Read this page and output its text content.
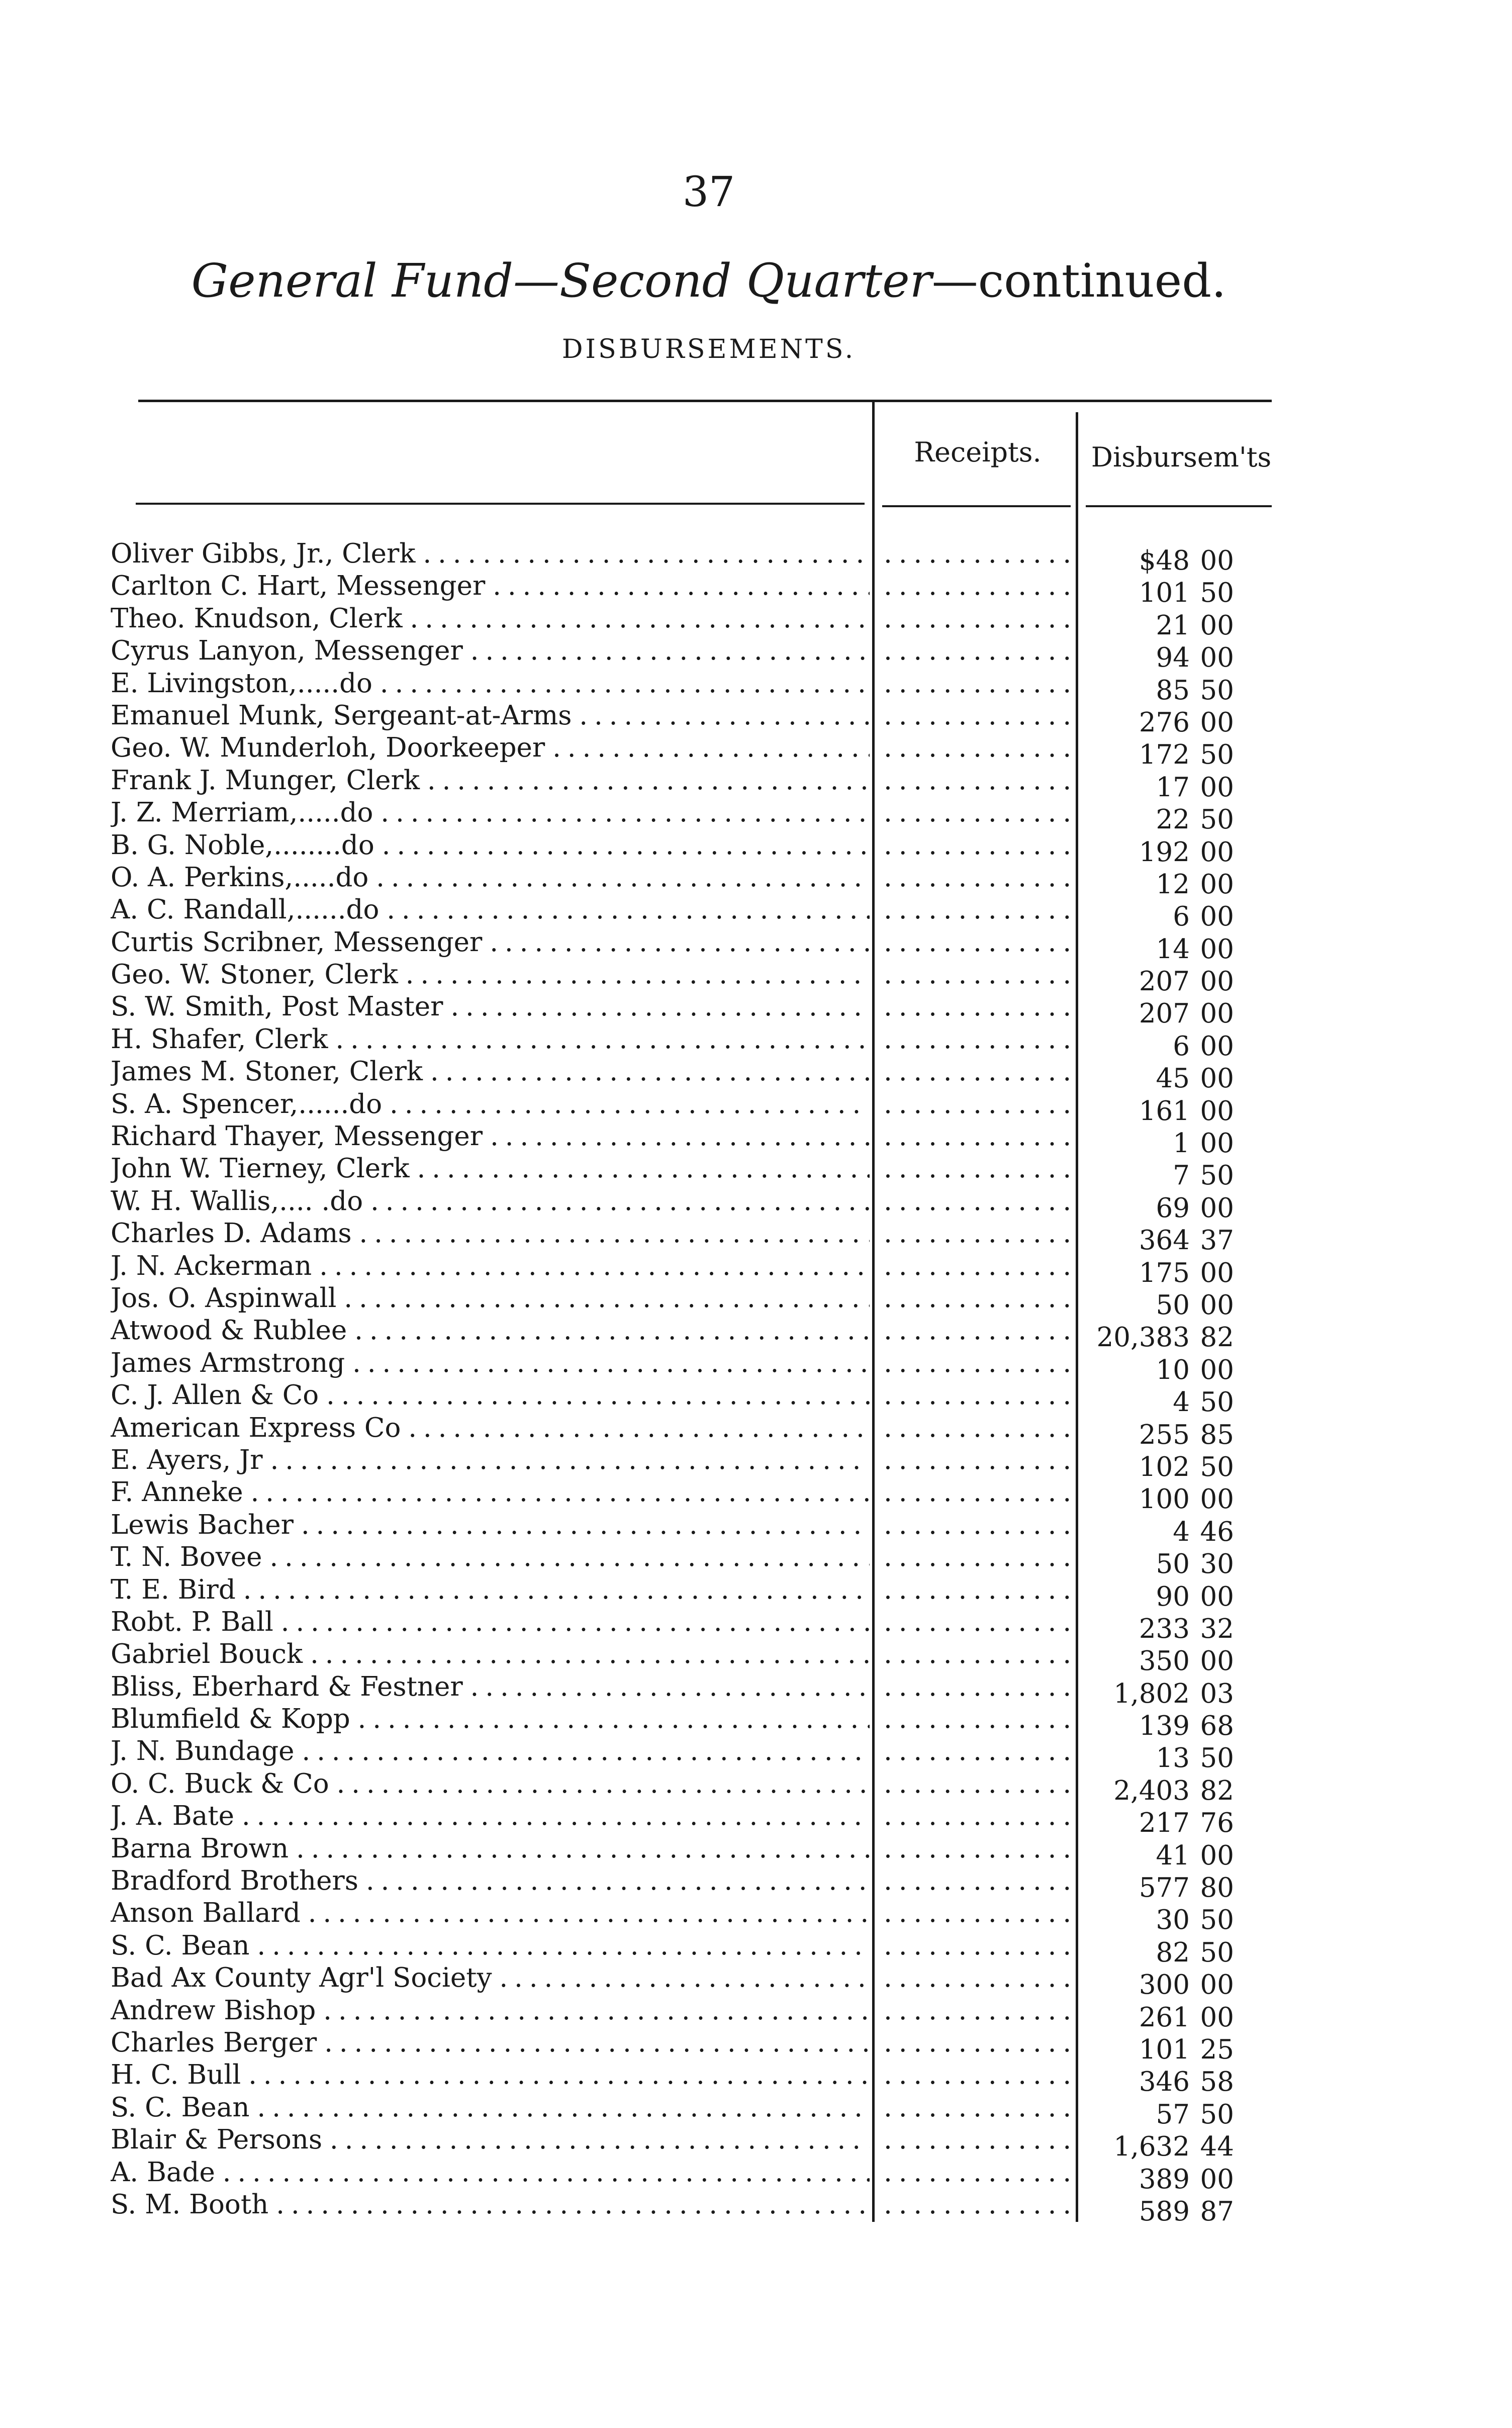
37
General Fund—Second Quarter—continued.
DISBURSEMENTS.
Receipts.	Disbursem'ts
Oliver Gibbs, Jr., Clerk . . . . . .	$48 00
Carlton C. Hart, Messenger . . . . . .	101 50
Theo. Knudson, Clerk . . . . . .	21 00
Cyrus Lanyon, Messenger . . . . . .	94 00
E. Livingston,.....do . . . . . .	85 50
Emanuel Munk, Sergeant-at-Arms . . . . . .	276 00
Geo. W. Munderloh, Doorkeeper . . . . . .	172 50
Frank J. Munger, Clerk . . . . . .	17 00
J. Z. Merriam,.....do . . . . . .	22 50
B. G. Noble,........do . . . . . .	192 00
O. A. Perkins,.....do . . . . . .	12 00
A. C. Randall,......do . . . . . .	6 00
Curtis Scribner, Messenger . . . . . .	14 00
Geo. W. Stoner, Clerk . . . . . .	207 00
S. W. Smith, Post Master . . . . . .	207 00
H. Shafer, Clerk . . . . . .	6 00
James M. Stoner, Clerk . . . . . .	45 00
S. A. Spencer,......do . . . . . .	161 00
Richard Thayer, Messenger . . . . . .	1 00
John W. Tierney, Clerk . . . . . .	7 50
W. H. Wallis,.... .do . . . . . .	69 00
Charles D. Adams . . . . . .	364 37
J. N. Ackerman . . . . . .	175 00
Jos. O. Aspinwall . . . . . .	50 00
Atwood & Rublee . . . . . .	20,383 82
James Armstrong . . . . . .	10 00
C. J. Allen & Co . . . . . .	4 50
American Express Co . . . . . .	255 85
E. Ayers, Jr . . . . . .	102 50
F. Anneke . . . . . .	100 00
Lewis Bacher . . . . . .	4 46
T. N. Bovee . . . . . .	50 30
T. E. Bird . . . . . .	90 00
Robt. P. Ball . . . . . .	233 32
Gabriel Bouck . . . . . .	350 00
Bliss, Eberhard & Festner . . . . . .	1,802 03
Blumfield & Kopp . . . . . .	139 68
J. N. Bundage . . . . . .	13 50
O. C. Buck & Co . . . . . .	2,403 82
J. A. Bate . . . . . .	217 76
Barna Brown . . . . . .	41 00
Bradford Brothers . . . . . .	577 80
Anson Ballard . . . . . .	30 50
S. C. Bean . . . . . .	82 50
Bad Ax County Agr'l Society . . . . . .	300 00
Andrew Bishop . . . . . .	261 00
Charles Berger . . . . . .	101 25
H. C. Bull . . . . . .	346 58
S. C. Bean . . . . . .	57 50
Blair & Persons . . . . . .	1,632 44
A. Bade . . . . . .	389 00
S. M. Booth . . . . . .	589 87
